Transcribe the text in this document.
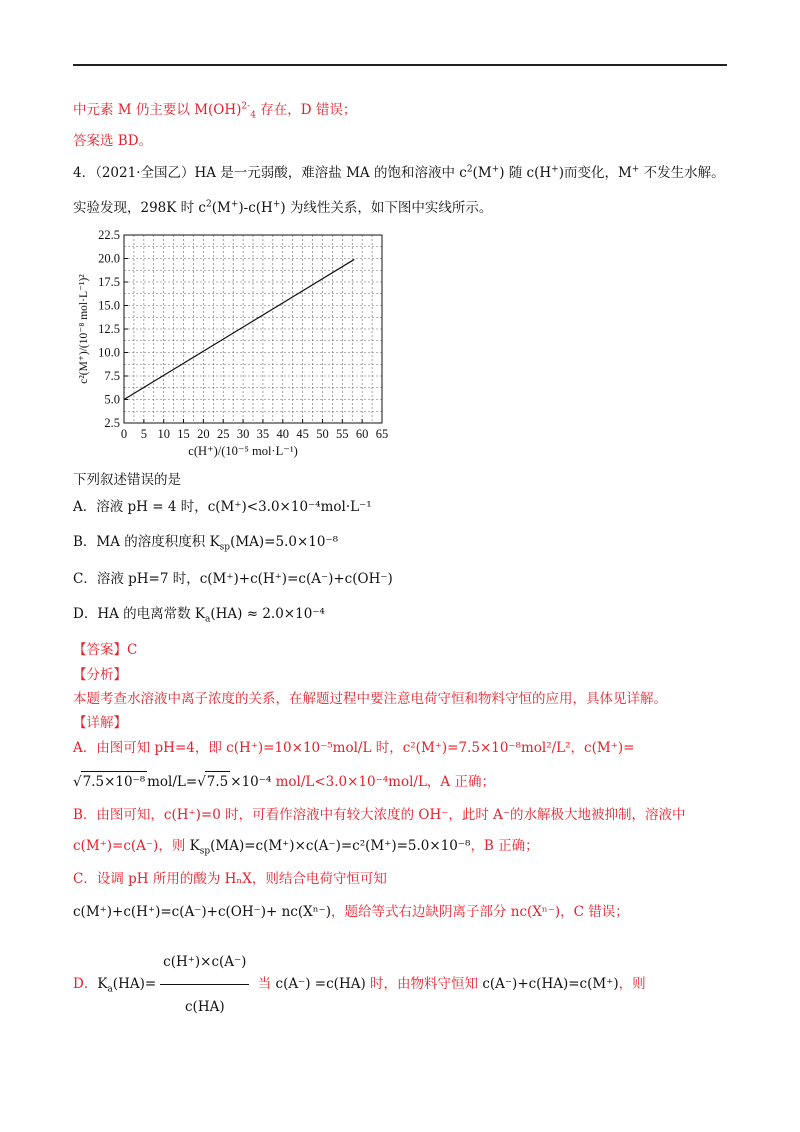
中元素 M 仍主要以 M(OH)$^{2-}_4$ 存在，D 错误；
答案选 BD。
4．（2021·全国乙）HA 是一元弱酸，难溶盐 MA 的饱和溶液中 $c^2(M^+)$ 随 c(H+)而变化，M+ 不发生水解。
实验发现，298K 时 $c^2(M^+)-c(H^+)$ 为线性关系，如下图中实线所示。
0 5 10 15 20 25 30 35 40 45 50 55 60 65
2.5
5.0
7.5
10.0
12.5
15.0
17.5
20.0
22.5
c(H⁺)/(10⁻⁵ mol·L⁻¹)
c²(M⁺)/(10⁻⁸ mol·L⁻¹)²
下列叙述错误的是
A．溶液 pH = 4 时，c(M⁺)<3.0×10⁻⁴mol·L⁻¹
B．MA 的溶度积度积 $K_{sp}(MA)=5.0\times 10^{-8}$
C．溶液 pH=7 时，c(M⁺)+c(H⁺)=c(A⁻)+c(OH⁻)
D．HA 的电离常数 $K_a(HA) \approx 2.0\times 10^{-4}$
【答案】C
【分析】
本题考查水溶液中离子浓度的关系，在解题过程中要注意电荷守恒和物料守恒的应用，具体见详解。
【详解】
A．由图可知 pH=4，即 c(H⁺)=10×10⁻⁵mol/L 时，c²(M⁺)=7.5×10⁻⁸mol²/L²，c(M⁺)=
√7.5×10⁻⁸ mol/L=√7.5 ×10⁻⁴ mol/L<3.0×10⁻⁴mol/L，A 正确；
B．由图可知，c(H⁺)=0 时，可看作溶液中有较大浓度的 OH⁻，此时 A⁻的水解极大地被抑制，溶液中
c(M⁺)=c(A⁻)，则 $K_{sp}(MA)=c(M^+)\times c(A^-)=c^2(M^+)=5.0\times 10^{-8}$，B 正确；
C．设调 pH 所用的酸为 HₙX，则结合电荷守恒可知
c(M⁺)+c(H⁺)=c(A⁻)+c(OH⁻)+ nc(Xⁿ⁻)，题给等式右边缺阴离子部分 nc(Xⁿ⁻)，C 错误；
D．$K_a(HA)= \frac{c(H^+)\times c(A^-)}{c(HA)}$ 当 c(A⁻) =c(HA) 时，由物料守恒知 c(A⁻)+c(HA)=c(M⁺)，则
